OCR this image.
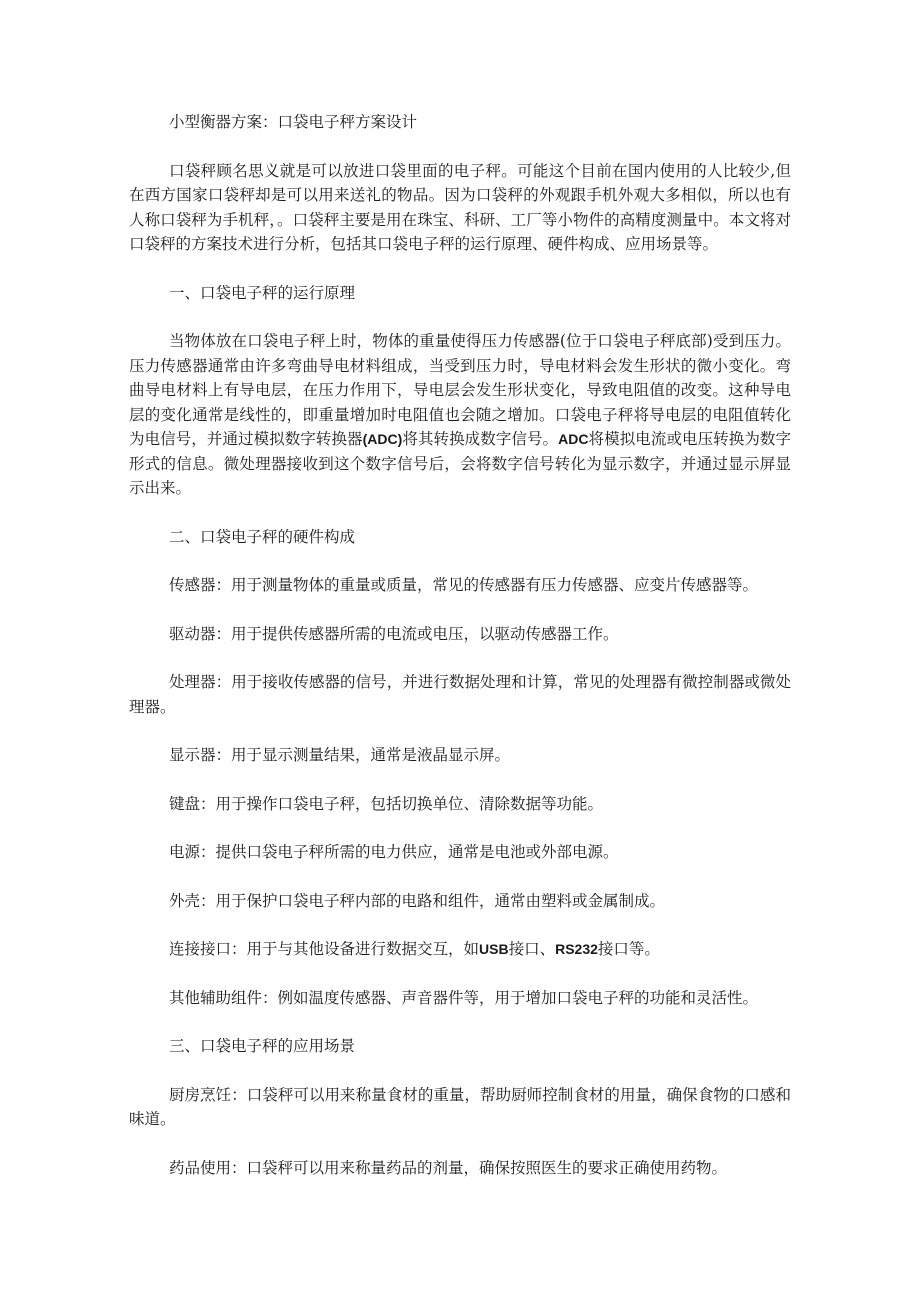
小型衡器方案：口袋电子秤方案设计

口袋秤顾名思义就是可以放进口袋里面的电子秤。可能这个目前在国内使用的人比较少,但在西方国家口袋秤却是可以用来送礼的物品。因为口袋秤的外观跟手机外观大多相似，所以也有人称口袋秤为手机秤，。口袋秤主要是用在珠宝、科研、工厂等小物件的高精度测量中。本文将对口袋秤的方案技术进行分析，包括其口袋电子秤的运行原理、硬件构成、应用场景等。

一、口袋电子秤的运行原理

当物体放在口袋电子秤上时，物体的重量使得压力传感器(位于口袋电子秤底部)受到压力。压力传感器通常由许多弯曲导电材料组成，当受到压力时，导电材料会发生形状的微小变化。弯曲导电材料上有导电层，在压力作用下，导电层会发生形状变化，导致电阻值的改变。这种导电层的变化通常是线性的，即重量增加时电阻值也会随之增加。口袋电子秤将导电层的电阻值转化为电信号，并通过模拟数字转换器(ADC)将其转换成数字信号。ADC将模拟电流或电压转换为数字形式的信息。微处理器接收到这个数字信号后，会将数字信号转化为显示数字，并通过显示屏显示出来。

二、口袋电子秤的硬件构成

传感器：用于测量物体的重量或质量，常见的传感器有压力传感器、应变片传感器等。

驱动器：用于提供传感器所需的电流或电压，以驱动传感器工作。

处理器：用于接收传感器的信号，并进行数据处理和计算，常见的处理器有微控制器或微处理器。

显示器：用于显示测量结果，通常是液晶显示屏。

键盘：用于操作口袋电子秤，包括切换单位、清除数据等功能。

电源：提供口袋电子秤所需的电力供应，通常是电池或外部电源。

外壳：用于保护口袋电子秤内部的电路和组件，通常由塑料或金属制成。

连接接口：用于与其他设备进行数据交互，如USB接口、RS232接口等。

其他辅助组件：例如温度传感器、声音器件等，用于增加口袋电子秤的功能和灵活性。

三、口袋电子秤的应用场景

厨房烹饪：口袋秤可以用来称量食材的重量，帮助厨师控制食材的用量，确保食物的口感和味道。

药品使用：口袋秤可以用来称量药品的剂量，确保按照医生的要求正确使用药物。
